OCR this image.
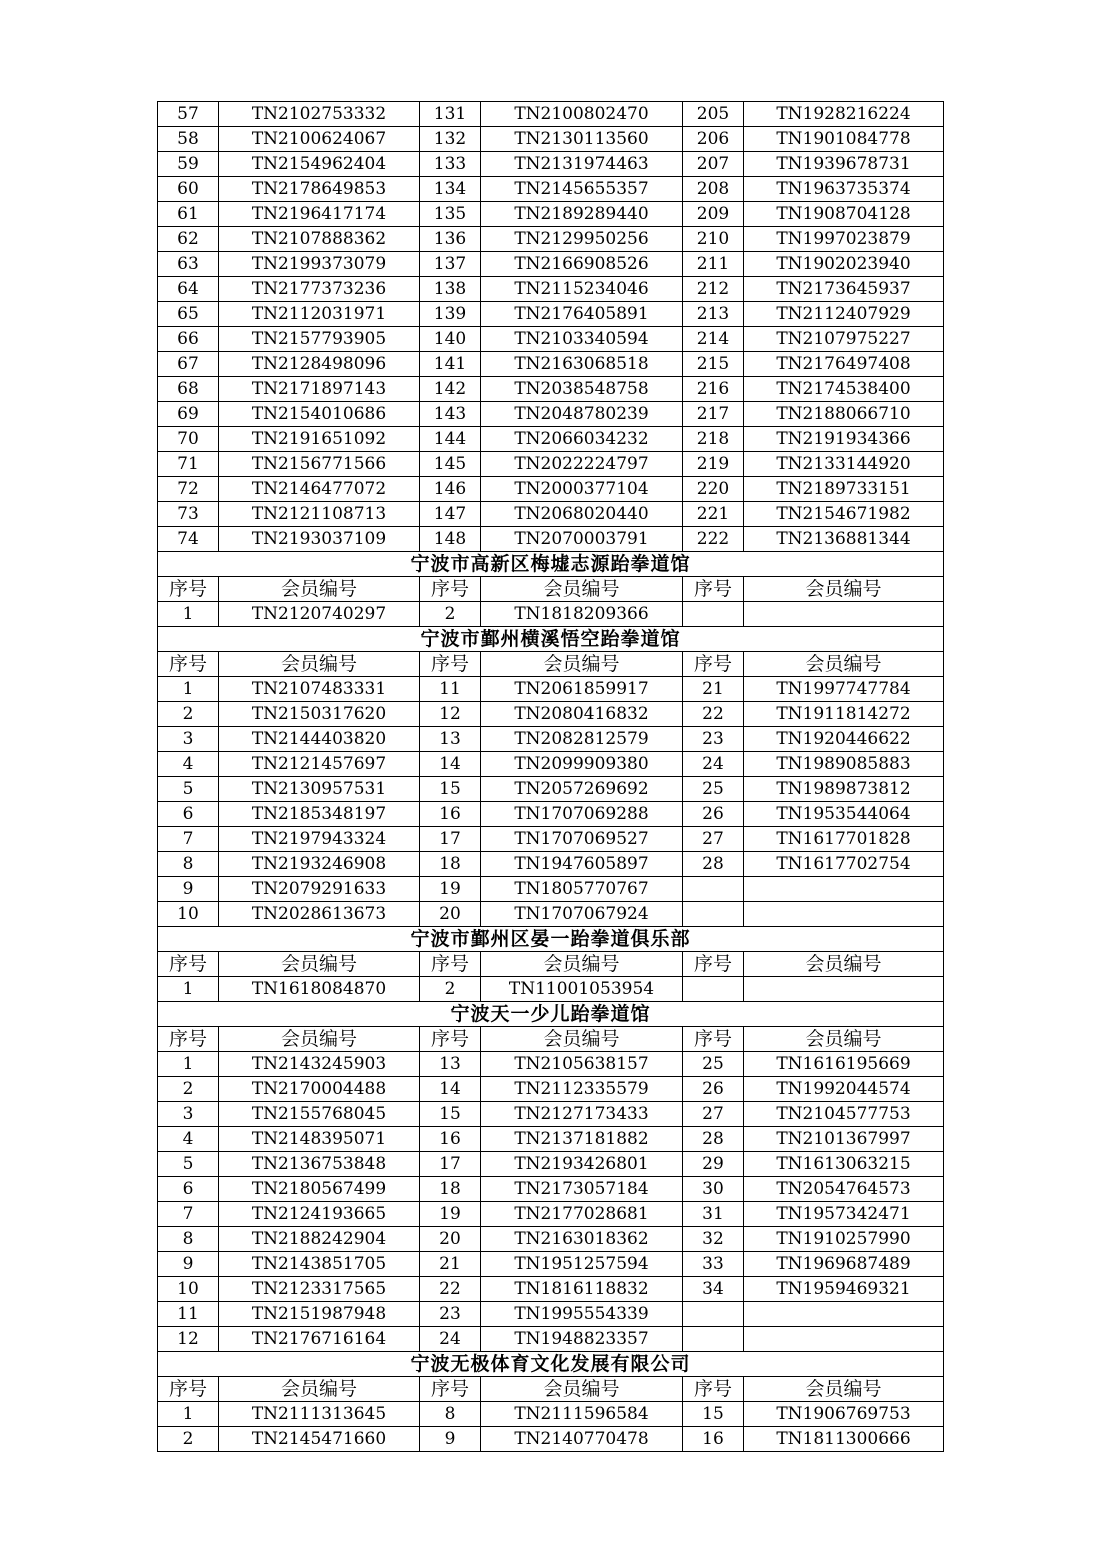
57	TN2102753332	131	TN2100802470	205	TN1928216224
58	TN2100624067	132	TN2130113560	206	TN1901084778
59	TN2154962404	133	TN2131974463	207	TN1939678731
60	TN2178649853	134	TN2145655357	208	TN1963735374
61	TN2196417174	135	TN2189289440	209	TN1908704128
62	TN2107888362	136	TN2129950256	210	TN1997023879
63	TN2199373079	137	TN2166908526	211	TN1902023940
64	TN2177373236	138	TN2115234046	212	TN2173645937
65	TN2112031971	139	TN2176405891	213	TN2112407929
66	TN2157793905	140	TN2103340594	214	TN2107975227
67	TN2128498096	141	TN2163068518	215	TN2176497408
68	TN2171897143	142	TN2038548758	216	TN2174538400
69	TN2154010686	143	TN2048780239	217	TN2188066710
70	TN2191651092	144	TN2066034232	218	TN2191934366
71	TN2156771566	145	TN2022224797	219	TN2133144920
72	TN2146477072	146	TN2000377104	220	TN2189733151
73	TN2121108713	147	TN2068020440	221	TN2154671982
74	TN2193037109	148	TN2070003791	222	TN2136881344
宁波市高新区梅墟志源跆拳道馆					
序号	会员编号	序号	会员编号	序号	会员编号
1	TN2120740297	2	TN1818209366		
宁波市鄞州横溪悟空跆拳道馆					
序号	会员编号	序号	会员编号	序号	会员编号
1	TN2107483331	11	TN2061859917	21	TN1997747784
2	TN2150317620	12	TN2080416832	22	TN1911814272
3	TN2144403820	13	TN2082812579	23	TN1920446622
4	TN2121457697	14	TN2099909380	24	TN1989085883
5	TN2130957531	15	TN2057269692	25	TN1989873812
6	TN2185348197	16	TN1707069288	26	TN1953544064
7	TN2197943324	17	TN1707069527	27	TN1617701828
8	TN2193246908	18	TN1947605897	28	TN1617702754
9	TN2079291633	19	TN1805770767		
10	TN2028613673	20	TN1707067924		
宁波市鄞州区晏一跆拳道俱乐部					
序号	会员编号	序号	会员编号	序号	会员编号
1	TN1618084870	2	TN11001053954		
宁波天一少儿跆拳道馆					
序号	会员编号	序号	会员编号	序号	会员编号
1	TN2143245903	13	TN2105638157	25	TN1616195669
2	TN2170004488	14	TN2112335579	26	TN1992044574
3	TN2155768045	15	TN2127173433	27	TN2104577753
4	TN2148395071	16	TN2137181882	28	TN2101367997
5	TN2136753848	17	TN2193426801	29	TN1613063215
6	TN2180567499	18	TN2173057184	30	TN2054764573
7	TN2124193665	19	TN2177028681	31	TN1957342471
8	TN2188242904	20	TN2163018362	32	TN1910257990
9	TN2143851705	21	TN1951257594	33	TN1969687489
10	TN2123317565	22	TN1816118832	34	TN1959469321
11	TN2151987948	23	TN1995554339		
12	TN2176716164	24	TN1948823357		
宁波无极体育文化发展有限公司					
序号	会员编号	序号	会员编号	序号	会员编号
1	TN2111313645	8	TN2111596584	15	TN1906769753
2	TN2145471660	9	TN2140770478	16	TN1811300666
